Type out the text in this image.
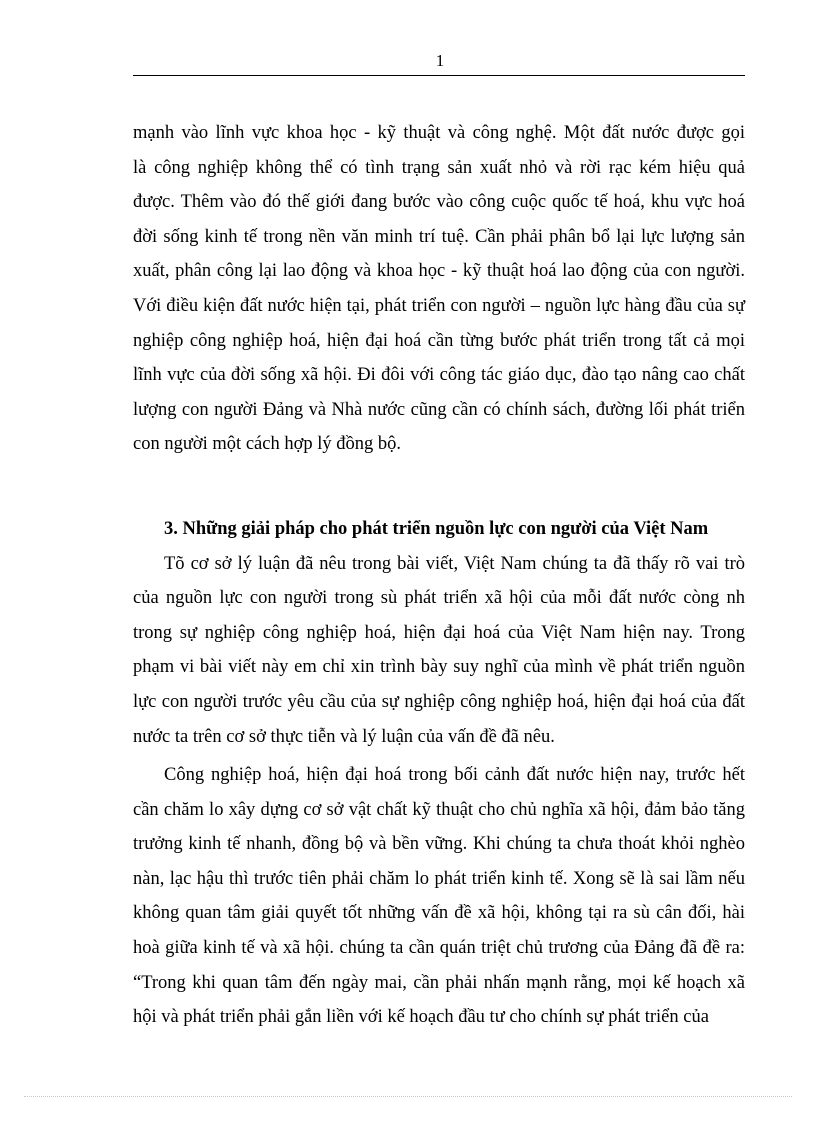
1
mạnh vào lĩnh vực khoa học - kỹ thuật và công nghệ. Một đất nước được gọi
là công nghiệp không thể có tình trạng sản xuất nhỏ và rời rạc kém hiệu quả
được. Thêm vào đó thế giới đang bước vào công cuộc quốc tế hoá, khu vực hoá
đời sống kinh tế trong nền văn minh trí tuệ. Cần phải phân bổ lại lực lượng sản
xuất, phân công lại lao động và khoa học - kỹ thuật hoá lao động của con người.
Với điều kiện đất nước hiện tại, phát triển con người – nguồn lực hàng đầu của sự
nghiệp công nghiệp hoá, hiện đại hoá cần từng bước phát triển trong tất cả mọi
lĩnh vực của đời sống xã hội. Đi đôi với công tác giáo dục, đào tạo nâng cao chất
lượng con người Đảng và Nhà nước cũng cần có chính sách, đường lối phát triển
con người một cách hợp lý đồng bộ.
3. Những giải pháp cho phát triển nguồn lực con người của Việt Nam
Tõ cơ sở lý luận đã nêu trong bài viết, Việt Nam chúng ta đã thấy rõ vai trò
của nguồn lực con người trong sù phát triển xã hội của mỗi đất nước còng nh
trong sự nghiệp công nghiệp hoá, hiện đại hoá của Việt Nam hiện nay. Trong
phạm vi bài viết này em chỉ xin trình bày suy nghĩ của mình về phát triển nguồn
lực con người trước yêu cầu của sự nghiệp công nghiệp hoá, hiện đại hoá của đất
nước ta trên cơ sở thực tiễn và lý luận của vấn đề đã nêu.
Công nghiệp hoá, hiện đại hoá trong bối cảnh đất nước hiện nay, trước hết
cần chăm lo xây dựng cơ sở vật chất kỹ thuật cho chủ nghĩa xã hội, đảm bảo tăng
trưởng kinh tế nhanh, đồng bộ và bền vững. Khi chúng ta chưa thoát khỏi nghèo
nàn, lạc hậu thì trước tiên phải chăm lo phát triển kinh tế. Xong sẽ là sai lầm nếu
không quan tâm giải quyết tốt những vấn đề xã hội, không tại ra sù cân đối, hài
hoà giữa kinh tế và xã hội. chúng ta cần quán triệt chủ trương của Đảng đã đề ra:
“Trong khi quan tâm đến ngày mai, cần phải nhấn mạnh rằng, mọi kế hoạch xã
hội và phát triển phải gắn liền với kế hoạch đầu tư cho chính sự phát triển của
